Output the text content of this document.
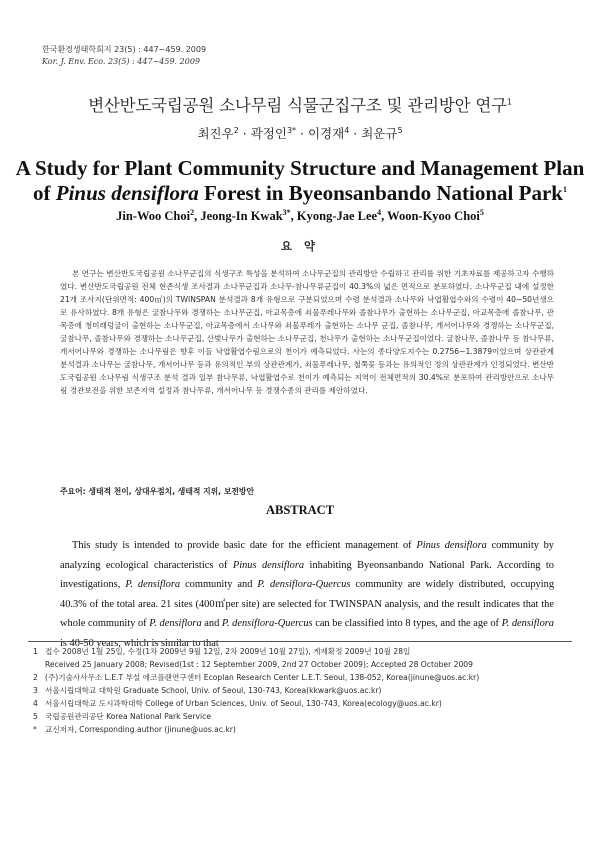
한국환경생태학회지 23(5) : 447~459. 2009
Kor. J. Env. Eco. 23(5) : 447~459. 2009
변산반도국립공원 소나무림 식물군집구조 및 관리방안 연구$^1$
최진우$^2$ · 곽정인$^{3*}$ · 이경재$^4$ · 최운규$^5$
A Study for Plant Community Structure and Management Plan
of Pinus densiflora Forest in Byeonsanbando National Park$^1$
Jin-Woo Choi$^2$, Jeong-In Kwak$^{3*}$, Kyong-Jae Lee$^4$, Woon-Kyoo Choi$^5$
요 약
본 연구는 변산반도국립공원 소나무군집의 식생구조 특성을 분석하여 소나무군집의 관리방안 수립하고 관리를 위한 기초자료를 제공하고자 수행하였다. 변산반도국립공원 전체 현존식생 조사결과 소나무군집과 소나무-참나무류군집이 40.3%의 넓은 면적으로 분포하였다. 소나무군집 내에 설정한 21개 조사지(단위면적: 400㎡)의 TWINSPAN 분석결과 8개 유형으로 구분되었으며 수령 분석결과 소나무와 낙엽활엽수와의 수령이 40~50년생으로 유사하였다. 8개 유형은 굴참나무와 경쟁하는 소나무군집, 아교목층에 쇠물푸레나무와 졸참나무가 출현하는 소나무군집, 아교목층에 졸참나무, 관목층에 청미래덩굴이 출현하는 소나무군집, 아교목층에서 소나무와 쇠물푸레가 출현하는 소나무 군집, 졸참나무, 개서어나무와 경쟁하는 소나무군집, 굴참나무, 졸참나무와 경쟁하는 소나무군집, 산벚나무가 출현하는 소나무군집, 천나무가 출현하는 소나무군집이었다. 굴참나무, 졸참나무 등 참나무류, 개서어나무와 경쟁하는 소나무림은 향후 이들 낙엽활엽수림으로의 천이가 예측되었다. 사는의 종다양도지수는 0.2756~1.3879이었으며 상관관계 분석결과 소나무는 굴참나무, 개서어나무 등과 유의적인 부의 상관관계가, 쇠물푸레나무, 철쭉꽃 등과는 유의적인 정의 상관관계가 인정되었다. 변산반도국립공원 소나무림 식생구조 분석 결과 일부 참나무류, 낙엽활엽수로 천이가 예측되는 지역이 전체면적의 30.4%로 분포하여 관리방안으로 소나무림 경관보전을 위한 보존지역 설정과 참나무류, 개서어나무 등 경쟁수종의 관리를 제안하였다.
주요어: 생태적 천이, 상대우점치, 생태적 지위, 보전방안
ABSTRACT
This study is intended to provide basic date for the efficient management of Pinus densiflora community by analyzing ecological characteristics of Pinus densiflora inhabiting Byeonsanbando National Park. According to investigations, P. densiflora community and P. densiflora-Quercus community are widely distributed, occupying 40.3% of the total area. 21 sites (400㎡per site) are selected for TWINSPAN analysis, and the result indicates that the whole community of P. densiflora and P. densiflora-Quercus can be classified into 8 types, and the age of P. densiflora is 40-50 years, which is similar to that
1 접수 2008년 1월 25일, 수정(1차 2009년 9월 12일, 2차 2009년 10월 27일), 게재확정 2009년 10월 28일
Received 25 January 2008; Revised(1st : 12 September 2009, 2nd 27 October 2009); Accepted 28 October 2009
2 (주)기술사사무소 L.E.T 부설 에코플랜연구센터 Ecoplan Research Center L.E.T. Seoul, 138-052, Korea(jinune@uos.ac.kr)
3 서울시립대학교 대학원 Graduate School, Univ. of Seoul, 130-743, Korea(kkwark@uos.ac.kr)
4 서울시립대학교 도시과학대학 College of Urban Sciences, Univ. of Seoul, 130-743, Korea(ecology@uos.ac.kr)
5 국립공원관리공단 Korea National Park Service
* 교신저자, Corresponding author (jinune@uos.ac.kr)
